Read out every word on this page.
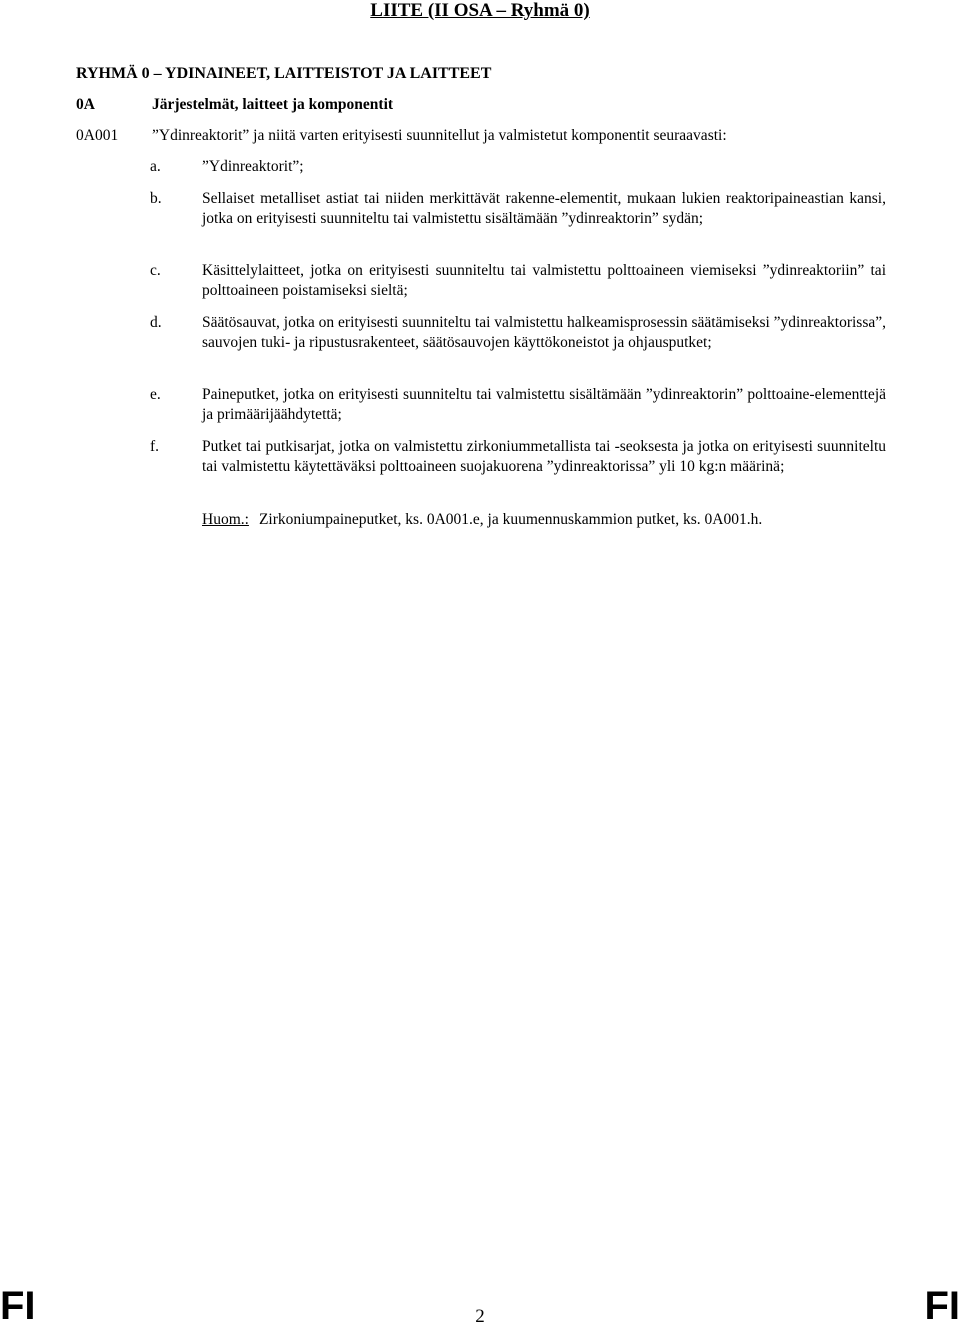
LIITE (II OSA – Ryhmä 0)
RYHMÄ 0 – YDINAINEET, LAITTEISTOT JA LAITTEET
0A	Järjestelmät, laitteet ja komponentit
0A001 ”Ydinreaktorit” ja niitä varten erityisesti suunnitellut ja valmistetut komponentit seuraavasti:
a.	”Ydinreaktorit”;
b.	Sellaiset metalliset astiat tai niiden merkittävät rakenne-elementit, mukaan lukien reaktoripaineastian kansi, jotka on erityisesti suunniteltu tai valmistettu sisältämään ”ydinreaktorin” sydän;
c.	Käsittelylaitteet, jotka on erityisesti suunniteltu tai valmistettu polttoaineen viemiseksi ”ydinreaktoriin” tai polttoaineen poistamiseksi sieltä;
d.	Säätösauvat, jotka on erityisesti suunniteltu tai valmistettu halkeamisprosessin säätämiseksi ”ydinreaktorissa”, sauvojen tuki- ja ripustusrakenteet, säätösauvojen käyttökoneistot ja ohjausputket;
e.	Paineputket, jotka on erityisesti suunniteltu tai valmistettu sisältämään ”ydinreaktorin” polttoaine-elementtejä ja primäärijäähdytettä;
f.	Putket tai putkisarjat, jotka on valmistettu zirkoniummetallista tai -seoksesta ja jotka on erityisesti suunniteltu tai valmistettu käytettäväksi polttoaineen suojakuorena ”ydinreaktorissa” yli 10 kg:n määrinä;
Huom.: Zirkoniumpaineputket, ks. 0A001.e, ja kuumennuskammion putket, ks. 0A001.h.
FI	2	FI
